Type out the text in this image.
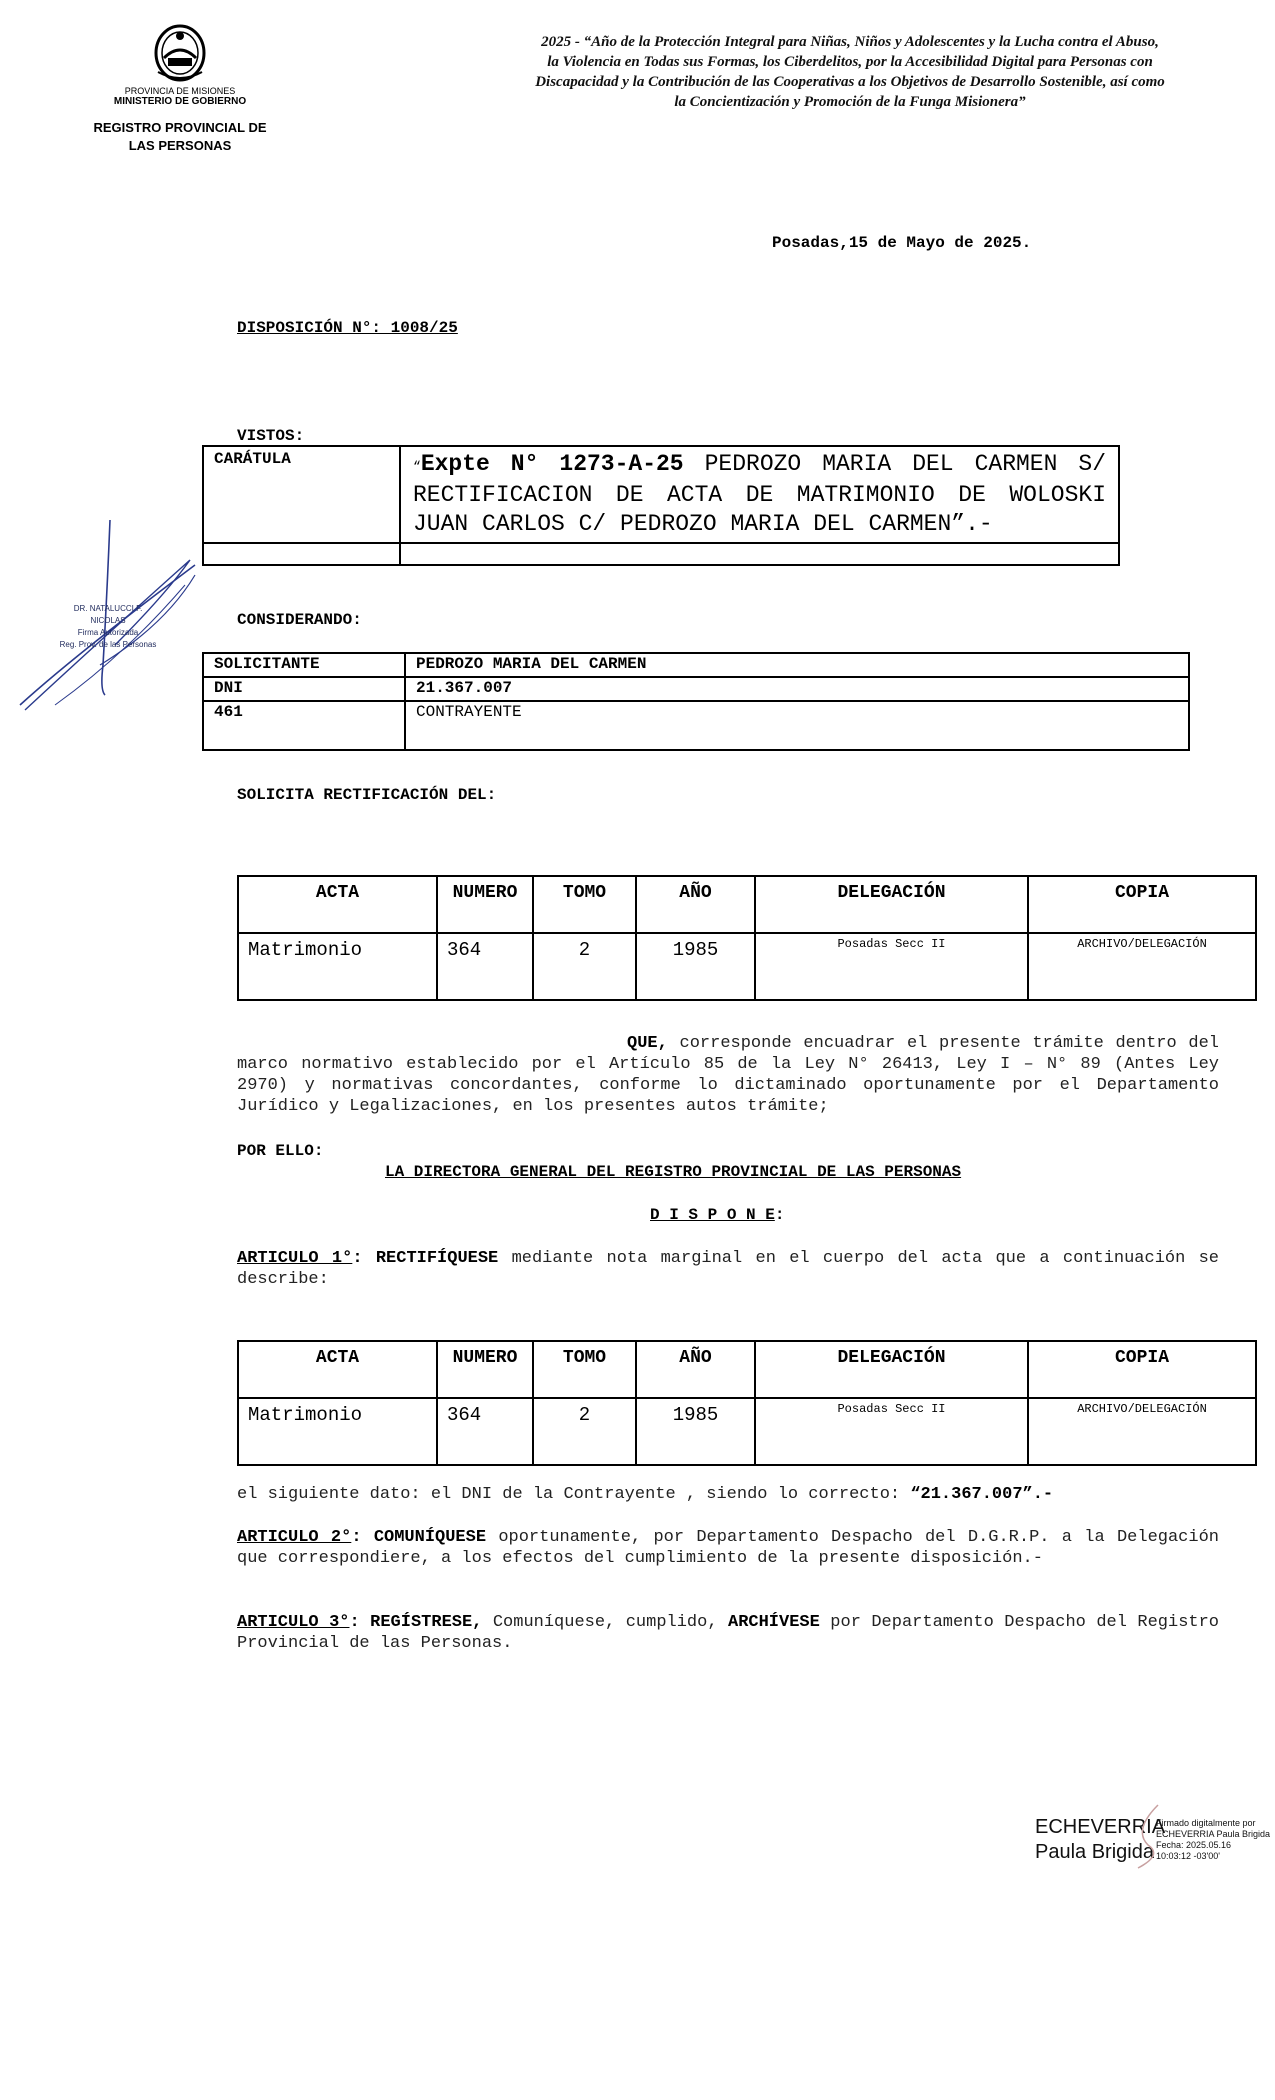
PROVINCIA DE MISIONES
MINISTERIO DE GOBIERNO
REGISTRO PROVINCIAL DE
LAS PERSONAS
2025 - “Año de la Protección Integral para Niñas, Niños y Adolescentes y la Lucha contra el Abuso, la Violencia en Todas sus Formas, los Ciberdelitos, por la Accesibilidad Digital para Personas con Discapacidad y la Contribución de las Cooperativas a los Objetivos de Desarrollo Sostenible, así como la Concientización y Promoción de la Funga Misionera”
Posadas,15 de Mayo de 2025.
DISPOSICIÓN N°: 1008/25
VISTOS:
CARÁTULA	“Expte N° 1273-A-25 PEDROZO MARIA DEL CARMEN S/ RECTIFICACION DE ACTA DE MATRIMONIO DE WOLOSKI JUAN CARLOS C/ PEDROZO MARIA DEL CARMEN”.-

DR. NATALUCCI F. NICOLAS
Firma Autorizada
Reg. Prov. de las Personas
CONSIDERANDO:
SOLICITANTE	PEDROZO MARIA DEL CARMEN
DNI	21.367.007
461	CONTRAYENTE
SOLICITA RECTIFICACIÓN DEL:
ACTA	NUMERO	TOMO	AÑO	DELEGACIÓN	COPIA
Matrimonio	364	2	1985	Posadas Secc II	ARCHIVO/DELEGACIÓN
QUE, corresponde encuadrar el presente trámite dentro del marco normativo establecido por el Artículo 85 de la Ley N° 26413, Ley I – N° 89 (Antes Ley 2970) y normativas concordantes, conforme lo dictaminado oportunamente por el Departamento Jurídico y Legalizaciones, en los presentes autos trámite;
POR ELLO:
LA DIRECTORA GENERAL DEL REGISTRO PROVINCIAL DE LAS PERSONAS
D I S P O N E:
ARTICULO 1°: RECTIFÍQUESE mediante nota marginal en el cuerpo del acta que a continuación se describe:
ACTA	NUMERO	TOMO	AÑO	DELEGACIÓN	COPIA
Matrimonio	364	2	1985	Posadas Secc II	ARCHIVO/DELEGACIÓN
el siguiente dato: el DNI de la Contrayente , siendo lo correcto: “21.367.007”.-
ARTICULO 2°: COMUNÍQUESE oportunamente, por Departamento Despacho del D.G.R.P. a la Delegación que correspondiere, a los efectos del cumplimiento de la presente disposición.-
ARTICULO 3°: REGÍSTRESE, Comuníquese, cumplido, ARCHÍVESE por Departamento Despacho del Registro Provincial de las Personas.
ECHEVERRIA
Paula Brigida
Firmado digitalmente por
ECHEVERRIA Paula Brigida
Fecha: 2025.05.16
10:03:12 -03'00'
